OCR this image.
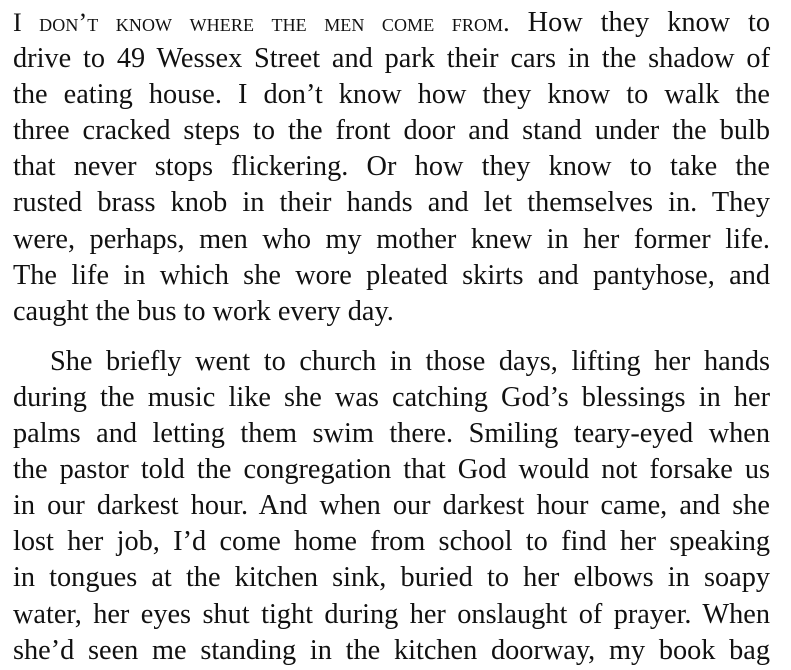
I don’t know where the men come from. How they know to
drive to 49 Wessex Street and park their cars in the shadow of
the eating house. I don’t know how they know to walk the
three cracked steps to the front door and stand under the bulb
that never stops flickering. Or how they know to take the
rusted brass knob in their hands and let themselves in. They
were, perhaps, men who my mother knew in her former life.
The life in which she wore pleated skirts and pantyhose, and
caught the bus to work every day.
She briefly went to church in those days, lifting her hands
during the music like she was catching God’s blessings in her
palms and letting them swim there. Smiling teary-eyed when
the pastor told the congregation that God would not forsake us
in our darkest hour. And when our darkest hour came, and she
lost her job, I’d come home from school to find her speaking
in tongues at the kitchen sink, buried to her elbows in soapy
water, her eyes shut tight during her onslaught of prayer. When
she’d seen me standing in the kitchen doorway, my book bag
